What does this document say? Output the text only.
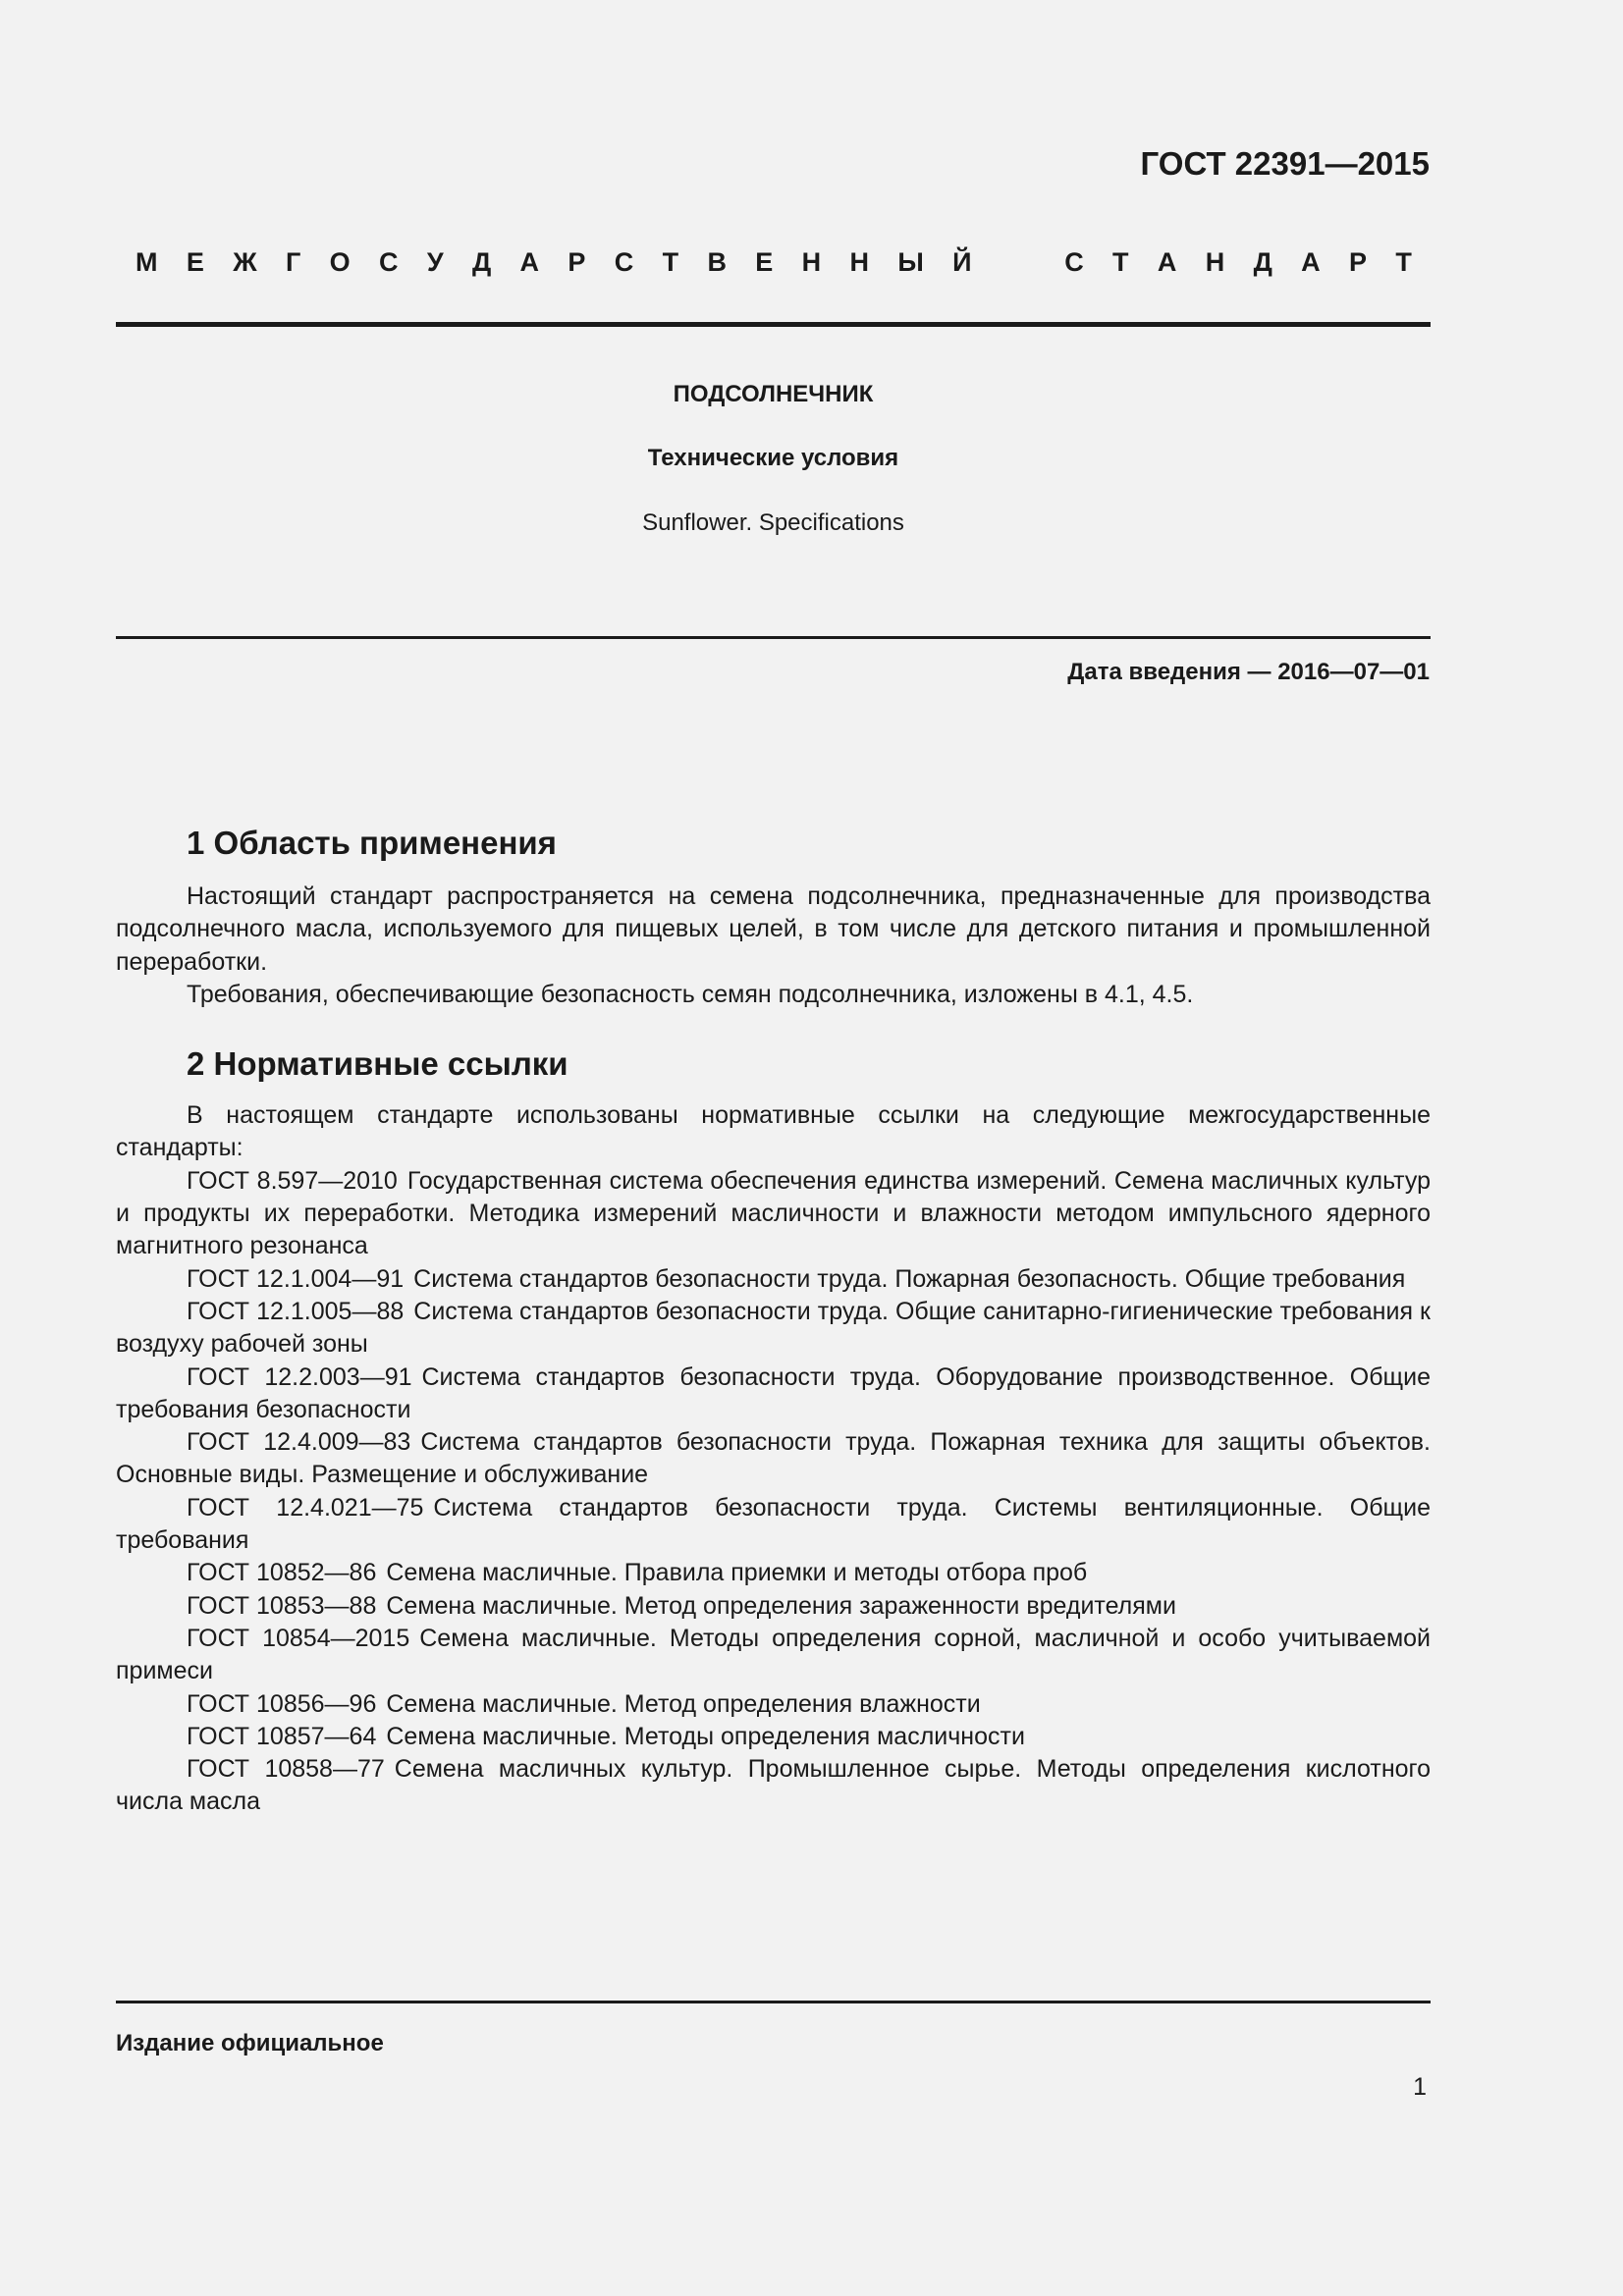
ГОСТ 22391—2015
М Е Ж Г О С У Д А Р С Т В Е Н Н Ы Й	С Т А Н Д А Р Т
ПОДСОЛНЕЧНИК
Технические условия
Sunflower. Specifications
Дата введения — 2016—07—01
1 Область применения

Настоящий стандарт распространяется на семена подсолнечника, предназначенные для производства подсолнечного масла, используемого для пищевых целей, в том числе для детского питания и промышленной переработки.

Требования, обеспечивающие безопасность семян подсолнечника, изложены в 4.1, 4.5.

2 Нормативные ссылки

В настоящем стандарте использованы нормативные ссылки на следующие межгосударственные стандарты:

ГОСТ 8.597—2010 Государственная система обеспечения единства измерений. Семена масличных культур и продукты их переработки. Методика измерений масличности и влажности методом импульсного ядерного магнитного резонанса

ГОСТ 12.1.004—91 Система стандартов безопасности труда. Пожарная безопасность. Общие требования

ГОСТ 12.1.005—88 Система стандартов безопасности труда. Общие санитарно-гигиенические требования к воздуху рабочей зоны

ГОСТ 12.2.003—91 Система стандартов безопасности труда. Оборудование производственное. Общие требования безопасности

ГОСТ 12.4.009—83 Система стандартов безопасности труда. Пожарная техника для защиты объектов. Основные виды. Размещение и обслуживание

ГОСТ 12.4.021—75 Система стандартов безопасности труда. Системы вентиляционные. Общие требования

ГОСТ 10852—86 Семена масличные. Правила приемки и методы отбора проб

ГОСТ 10853—88 Семена масличные. Метод определения зараженности вредителями

ГОСТ 10854—2015 Семена масличные. Методы определения сорной, масличной и особо учитываемой примеси

ГОСТ 10856—96 Семена масличные. Метод определения влажности

ГОСТ 10857—64 Семена масличные. Методы определения масличности

ГОСТ 10858—77 Семена масличных культур. Промышленное сырье. Методы определения кислотного числа масла

Издание официальное
1
